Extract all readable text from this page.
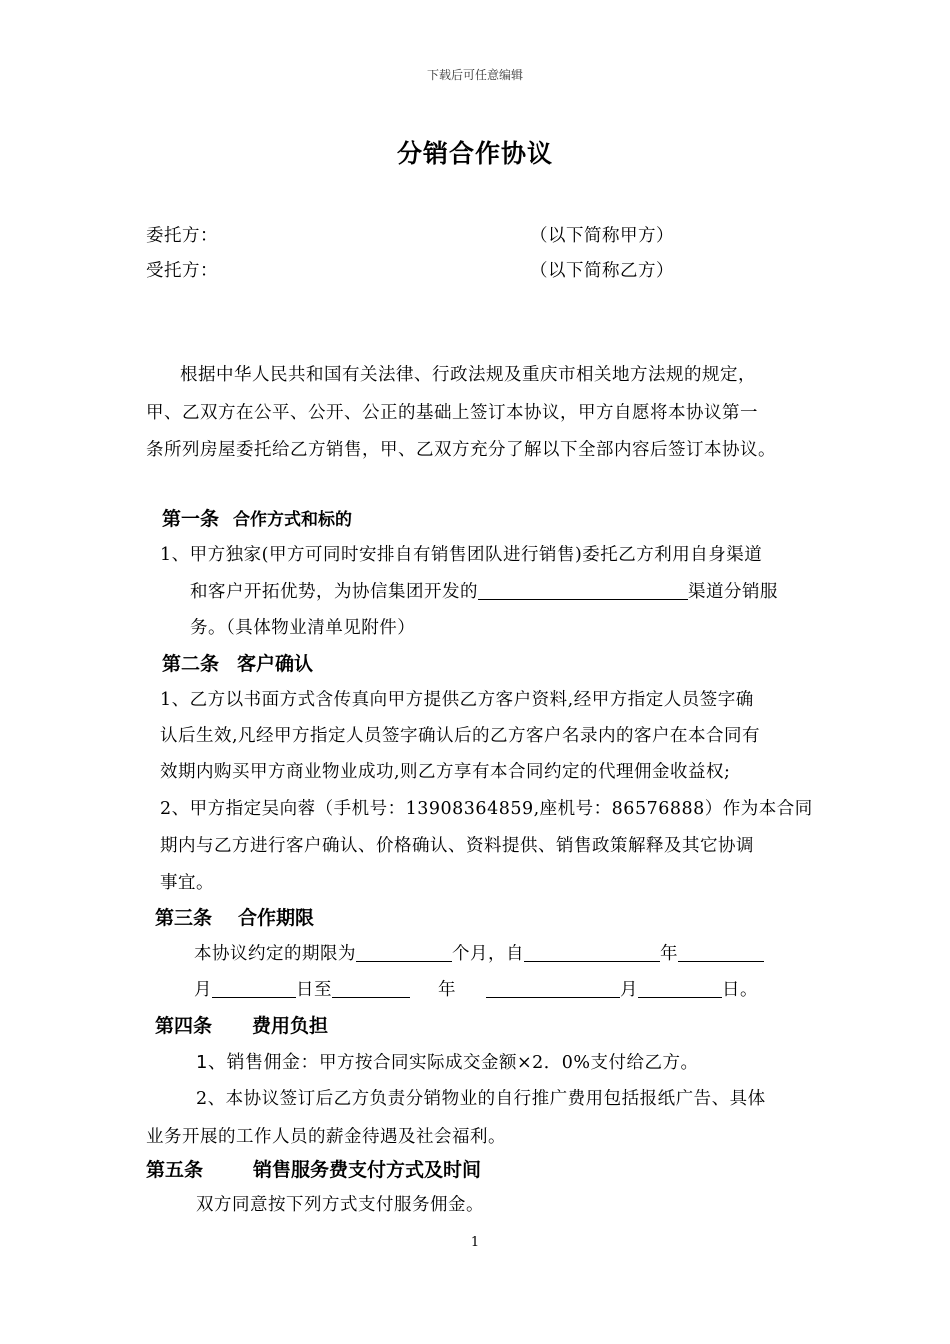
下载后可任意编辑
分销合作协议
委托方：	（以下简称甲方）
受托方：	（以下简称乙方）
根据中华人民共和国有关法律、行政法规及重庆市相关地方法规的规定，
甲、乙双方在公平、公开、公正的基础上签订本协议，甲方自愿将本协议第一
条所列房屋委托给乙方销售，甲、乙双方充分了解以下全部内容后签订本协议。
第一条 合作方式和标的
1、甲方独家(甲方可同时安排自有销售团队进行销售)委托乙方利用自身渠道
和客户开拓优势，为协信集团开发的	渠道分销服
务。（具体物业清单见附件）
第二条 客户确认
1、乙方以书面方式含传真向甲方提供乙方客户资料,经甲方指定人员签字确
认后生效,凡经甲方指定人员签字确认后的乙方客户名录内的客户在本合同有
效期内购买甲方商业物业成功,则乙方享有本合同约定的代理佣金收益权;
2、甲方指定吴向蓉（手机号：13908364859,座机号：86576888）作为本合同
期内与乙方进行客户确认、价格确认、资料提供、销售政策解释及其它协调
事宜。
第三条 合作期限
本协议约定的期限为	个月，自	年
月	日至	年	月	日。
第四条 费用负担
1、销售佣金：甲方按合同实际成交金额×2．0%支付给乙方。
2、本协议签订后乙方负责分销物业的自行推广费用包括报纸广告、具体
业务开展的工作人员的薪金待遇及社会福利。
第五条	销售服务费支付方式及时间
双方同意按下列方式支付服务佣金。
1
